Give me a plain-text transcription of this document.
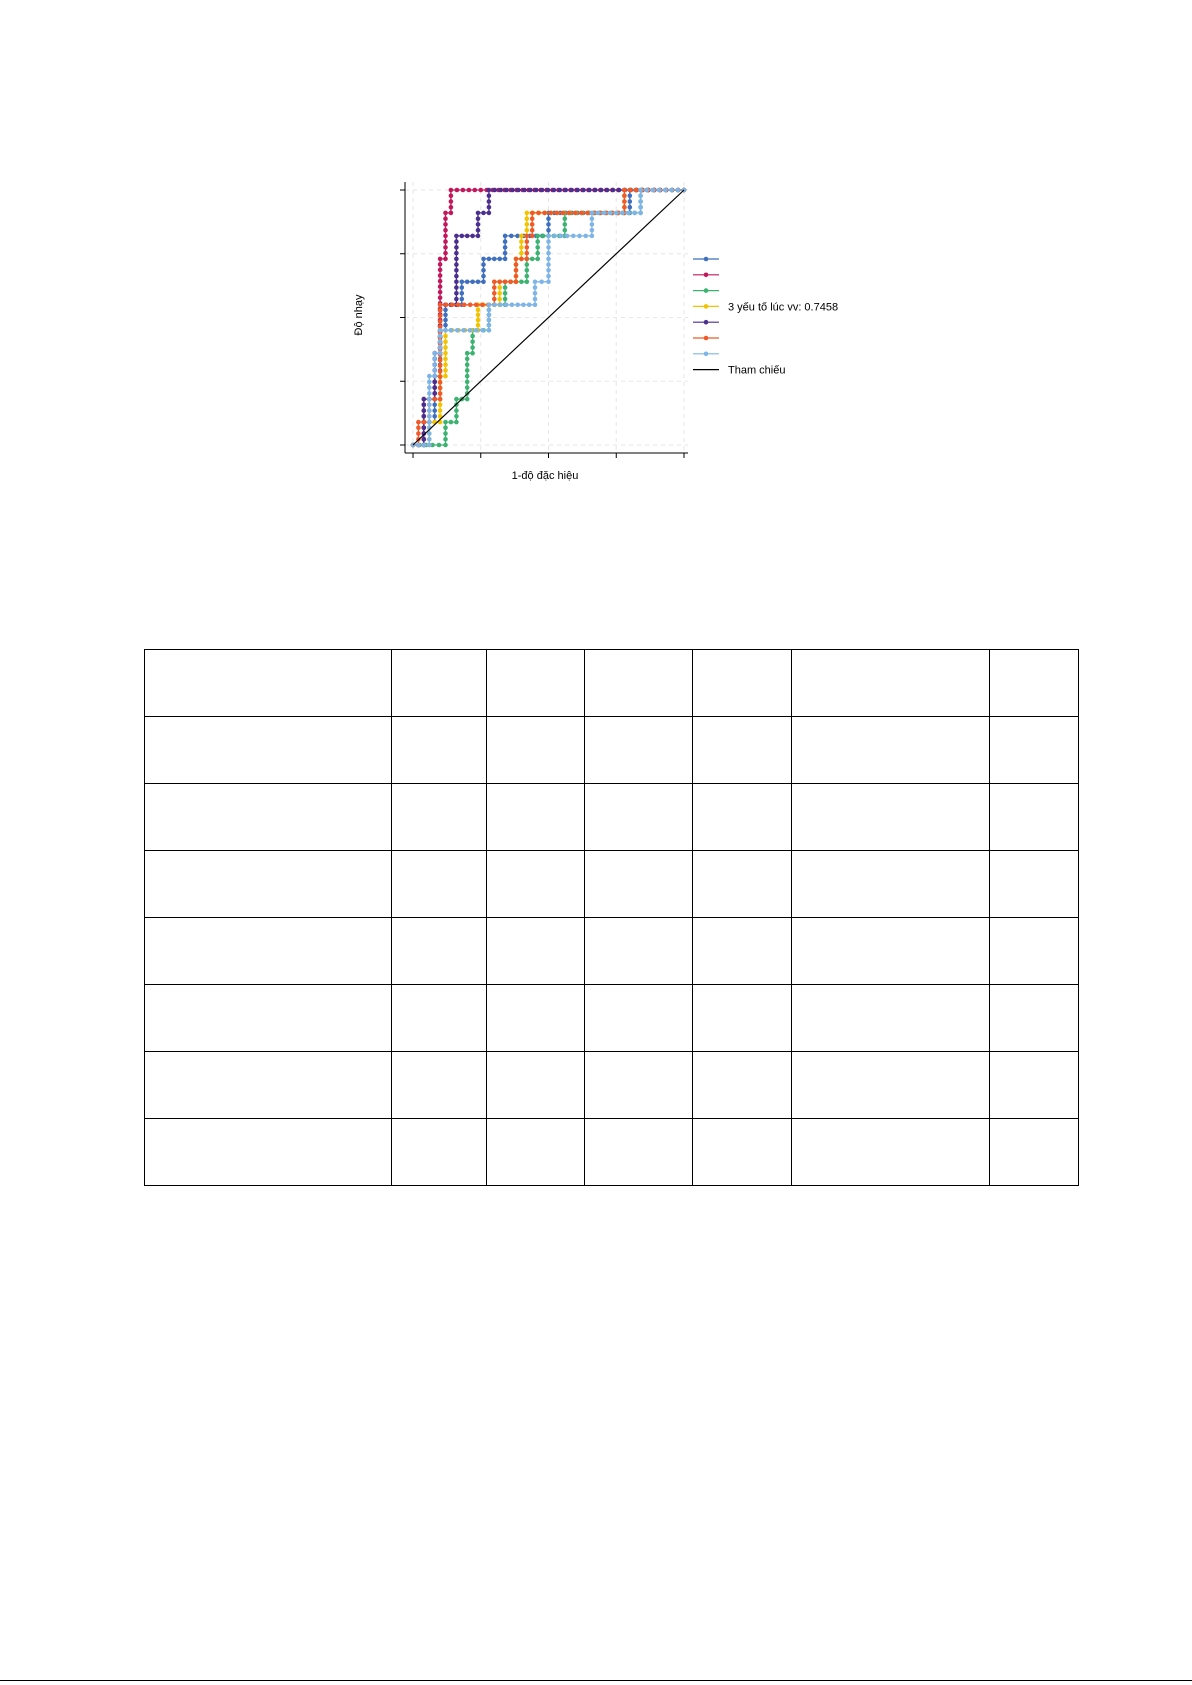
1-độ đặc hiệu
Độ nhạy	3 yếu tố lúc vv: 0.7458
Tham chiếu
